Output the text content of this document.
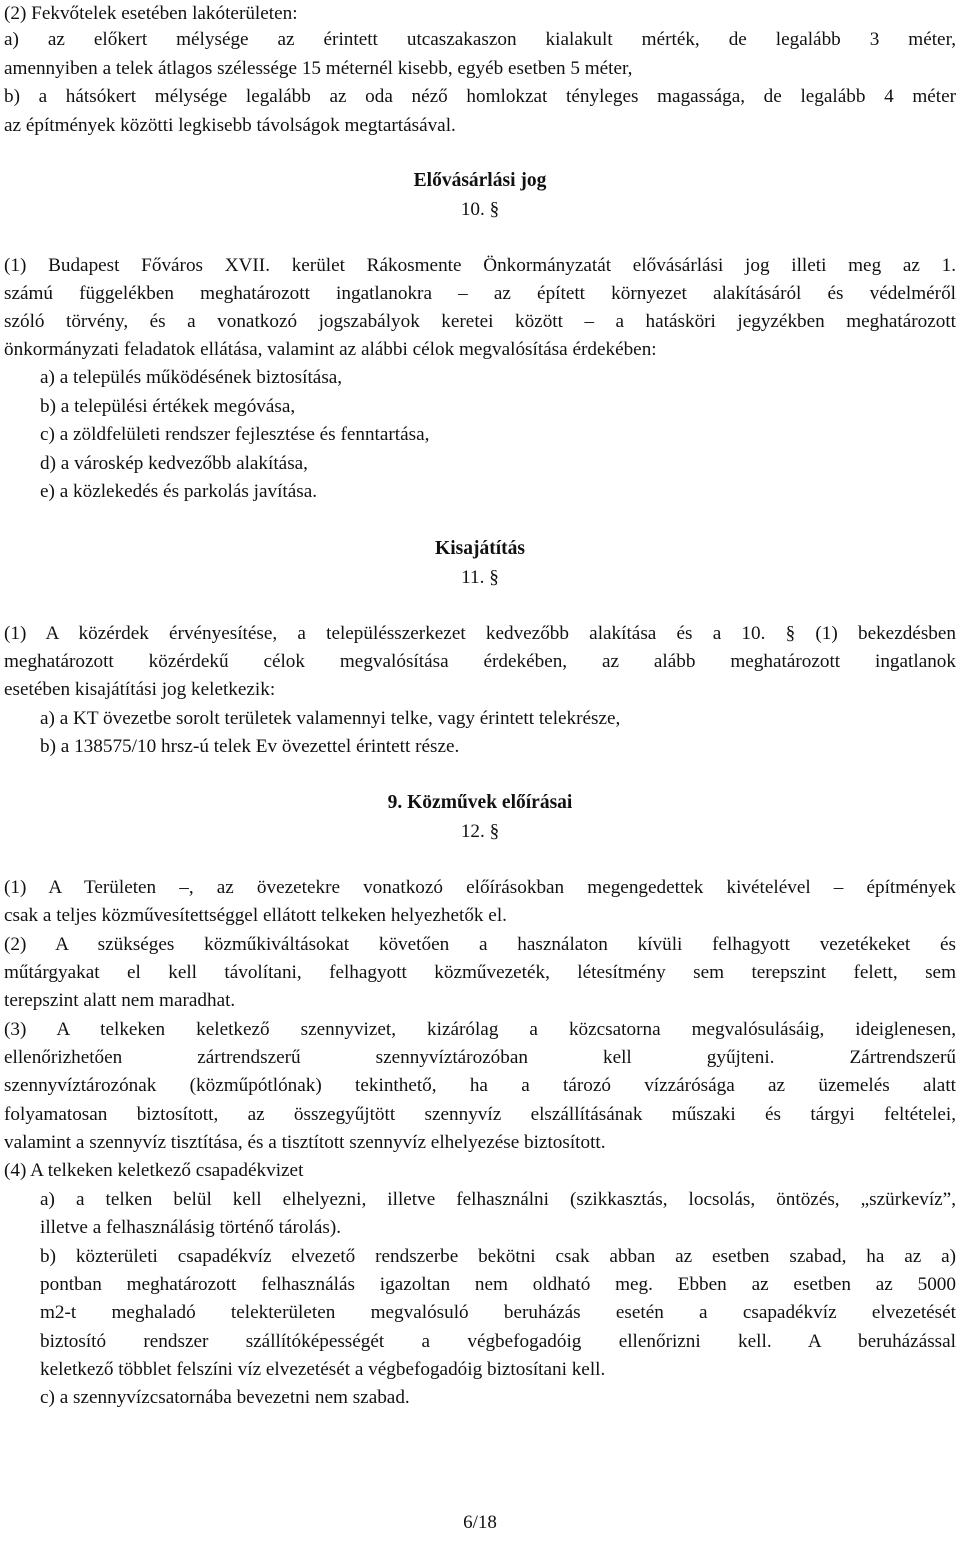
(2) Fekvőtelek esetében lakóterületen:
a) az előkert mélysége az érintett utcaszakaszon kialakult mérték, de legalább 3 méter,
amennyiben a telek átlagos szélessége 15 méternél kisebb, egyéb esetben 5 méter,
b) a hátsókert mélysége legalább az oda néző homlokzat tényleges magassága, de legalább 4 méter
az építmények közötti legkisebb távolságok megtartásával.
Elővásárlási jog
10. §
(1) Budapest Főváros XVII. kerület Rákosmente Önkormányzatát elővásárlási jog illeti meg az 1.
számú függelékben meghatározott ingatlanokra – az épített környezet alakításáról és védelméről
szóló törvény, és a vonatkozó jogszabályok keretei között – a hatásköri jegyzékben meghatározott
önkormányzati feladatok ellátása, valamint az alábbi célok megvalósítása érdekében:
a) a település működésének biztosítása,
b) a települési értékek megóvása,
c) a zöldfelületi rendszer fejlesztése és fenntartása,
d) a városkép kedvezőbb alakítása,
e) a közlekedés és parkolás javítása.
Kisajátítás
11. §
(1) A közérdek érvényesítése, a településszerkezet kedvezőbb alakítása és a 10. § (1) bekezdésben
meghatározott közérdekű célok megvalósítása érdekében, az alább meghatározott ingatlanok
esetében kisajátítási jog keletkezik:
a) a KT övezetbe sorolt területek valamennyi telke, vagy érintett telekrésze,
b) a 138575/10 hrsz-ú telek Ev övezettel érintett része.
9. Közművek előírásai
12. §
(1) A Területen –, az övezetekre vonatkozó előírásokban megengedettek kivételével – építmények
csak a teljes közművesítettséggel ellátott telkeken helyezhetők el.
(2) A szükséges közműkiváltásokat követően a használaton kívüli felhagyott vezetékeket és
műtárgyakat el kell távolítani, felhagyott közművezeték, létesítmény sem terepszint felett, sem
terepszint alatt nem maradhat.
(3) A telkeken keletkező szennyvizet, kizárólag a közcsatorna megvalósulásáig, ideiglenesen,
ellenőrizhetően zártrendszerű szennyvíztározóban kell gyűjteni. Zártrendszerű
szennyvíztározónak (közműpótlónak) tekinthető, ha a tározó vízzárósága az üzemelés alatt
folyamatosan biztosított, az összegyűjtött szennyvíz elszállításának műszaki és tárgyi feltételei,
valamint a szennyvíz tisztítása, és a tisztított szennyvíz elhelyezése biztosított.
(4) A telkeken keletkező csapadékvizet
a) a telken belül kell elhelyezni, illetve felhasználni (szikkasztás, locsolás, öntözés, „szürkevíz”,
illetve a felhasználásig történő tárolás).
b) közterületi csapadékvíz elvezető rendszerbe bekötni csak abban az esetben szabad, ha az a)
pontban meghatározott felhasználás igazoltan nem oldható meg. Ebben az esetben az 5000
m2-t meghaladó telekterületen megvalósuló beruházás esetén a csapadékvíz elvezetését
biztosító rendszer szállítóképességét a végbefogadóig ellenőrizni kell. A beruházással
keletkező többlet felszíni víz elvezetését a végbefogadóig biztosítani kell.
c) a szennyvízcsatornába bevezetni nem szabad.
6/18
